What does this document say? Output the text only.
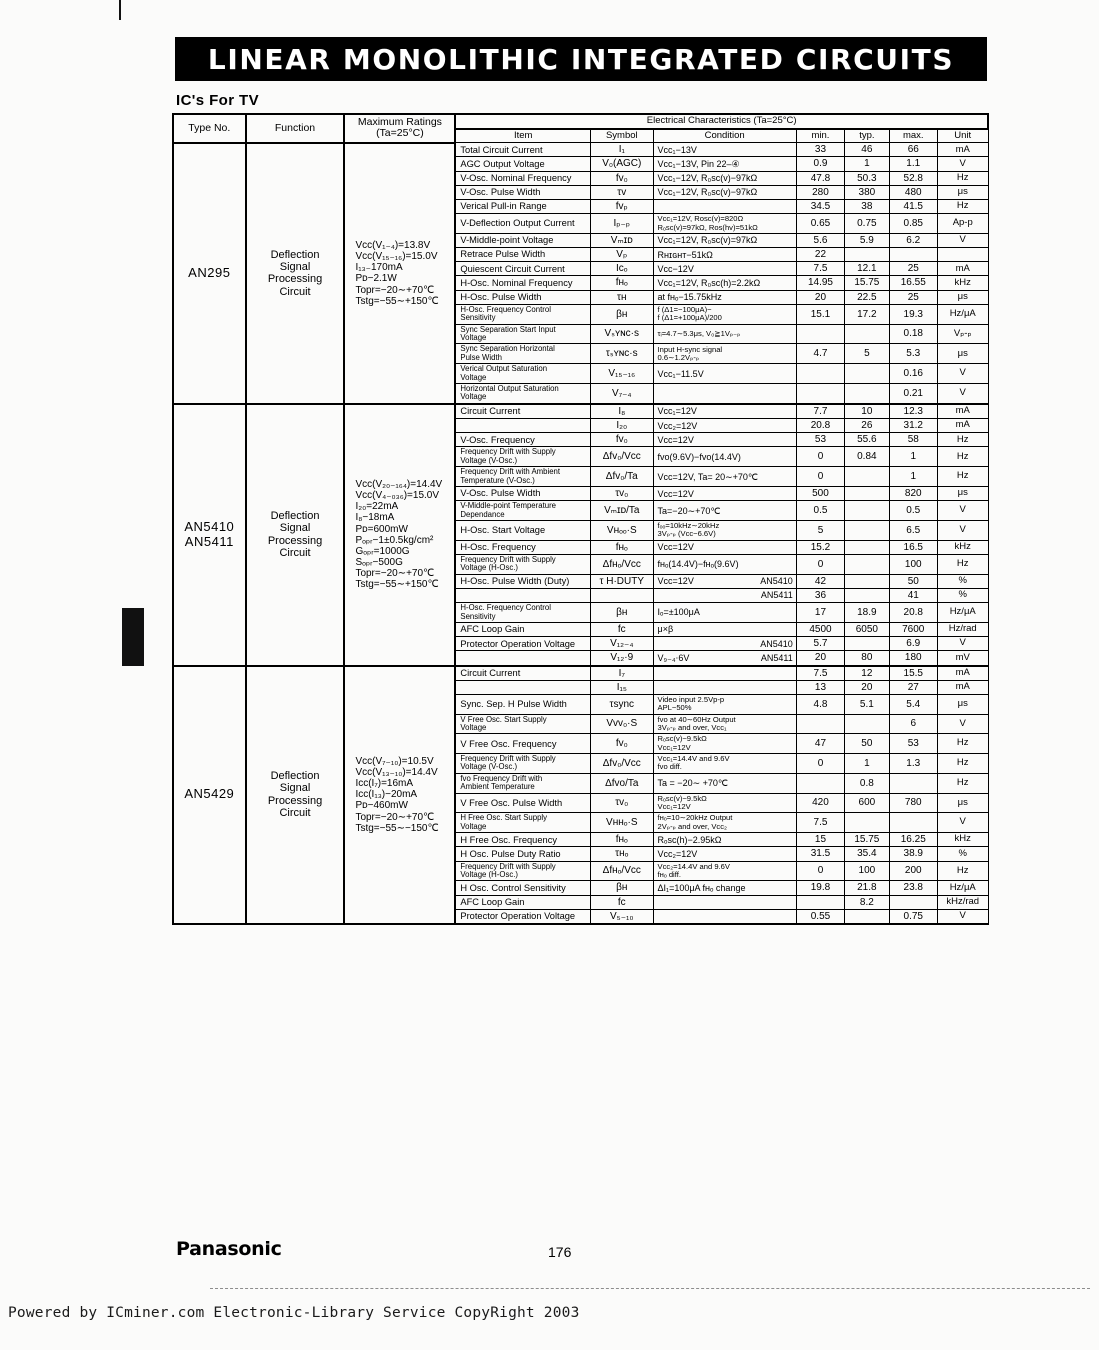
LINEAR MONOLITHIC INTEGRATED CIRCUITS
IC's For TV
Type No.	Function	Maximum Ratings
(Ta=25°C)	Electrical Characteristics (Ta=25°C)						
			Item	Symbol	Condition	min.	typ.	max.	Unit

AN295

Deflection
Signal
Processing
Circuit

Vᴄᴄ(V₁₋₄)=13.8V
Vᴄᴄ(V₁₅₋₁₆)=15.0V
I₁₃₋170mA
Pᴅ−2.1W
Topr=−20∼+70℃
Tstg=−55∼+150℃

Total Circuit Current	I₁	Vᴄᴄ₁−13V	33	46	66	mA

			AGC Output Voltage	V₀(AGC)	Vᴄᴄ₁−13V, Pin 22–④	0.9	1	1.1	V

			V-Osc. Nominal Frequency	fᴠ₀	Vᴄᴄ₁−12V, R₀sc(v)−97kΩ	47.8	50.3	52.8	Hz

			V-Osc. Pulse Width	τᴠ	Vᴄᴄ₁−12V, R₀sc(v)−97kΩ	280	380	480	μs

			Verical Pull-in Range	fᴠₚ		34.5	38	41.5	Hz

			V-Deflection Output Current	Iₚ₋ₚ	Vᴄᴄ₁=12V, Rᴏsc(v)=820Ω
Rₒsc(v)=97kΩ, Rᴏs(hv)=51kΩ	0.65	0.75	0.85	Ap-p

			V-Middle-point Voltage	Vₘɪᴅ	Vᴄᴄ₁=12V, R₀sc(v)=97kΩ	5.6	5.9	6.2	V

			Retrace Pulse Width	Vₚ	Rʜɪɢʜᴛ−51kΩ	22			

			Quiescent Circuit Current	Iᴄₒ	Vᴄᴄ−12V	7.5	12.1	25	mA

			H-Osc. Nominal Frequency	fʜₒ	Vᴄᴄ₁=12V, R₀sc(h)=2.2kΩ	14.95	15.75	16.55	kHz

			H-Osc. Pulse Width	τʜ	at fʜₒ−15.75kHz	20	22.5	25	μs

H-Osc. Frequency Control
Sensitivity	βʜ	f (Δ1=−100μA)−
f (Δ1=+100μA)/200	15.1	17.2	19.3	Hz/μA

			Sync Separation Start Input
Voltage	Vₛʏɴc·s	τᵢ=4.7∼5.3μs, V₀≧1Vₚ₋ₚ			0.18	Vₚ-ₚ

Sync Separation Horizontal
Pulse Width	τₛʏɴc·s	Input H-sync signal
0.6∼1.2Vₚ-ₚ	4.7	5	5.3	μs

			Verical Output Saturation
Voltage	V₁₅₋₁₆	Vᴄᴄ₁−11.5V			0.16	V

			Horizontal Output Saturation
Voltage	V₇₋₄				0.21	V

AN5410
AN5411

Deflection
Signal
Processing
Circuit

Vᴄᴄ(V₂₀₋₁₆₄)=14.4V
Vᴄᴄ(V₄₋₀₃₆)=15.0V
I₂₀=22mA
I₈−18mA
Pᴅ=600mW
Pₒₚᵣ−1±0.5kg/cm²
Gₒₚᵣ=1000G
Sₒₚᵣ−500G
Topr=−20∼+70℃
Tstg=−55∼+150℃

Circuit Current	I₈	Vᴄᴄ₁=12V	7.7	10	12.3	mA

				I₂₀	Vᴄᴄ₂=12V	20.8	26	31.2	mA

			V-Osc. Frequency	fᴠ₀	Vᴄᴄ=12V	53	55.6	58	Hz

			Frequency Drift with Supply
Voltage (V-Osc.)	Δfᴠ₀/Vᴄᴄ	fvo(9.6V)−fvo(14.4V)	0	0.84	1	Hz

			Frequency Drift with Ambient
Temperature (V-Osc.)	Δfᴠ₀/Ta	Vᴄᴄ=12V, Ta= 20∼+70℃	0		1	Hz

			V-Osc. Pulse Width	τᴠ₀	Vᴄᴄ=12V	500		820	μs

			V-Middle-point Temperature
Dependance	Vₘɪᴅ/Ta	Ta=−20∼+70℃	0.5		0.5	V

			H-Osc. Start Voltage	Vʜₒₒ·S	fₒₒ=10kHz∼20kHz
3Vₚ-ₚ (Vᴄᴄ−6.6V)	5		6.5	V

			H-Osc. Frequency	fʜₒ	Vᴄᴄ=12V	15.2		16.5	kHz

			Frequency Drift with Supply
Voltage (H-Osc.)	Δfʜₒ/Vᴄᴄ	fʜₒ(14.4V)−fʜₒ(9.6V)	0		100	Hz

			H-Osc. Pulse Width (Duty)	τ H·DUTY	Vᴄᴄ=12V AN5410	42		50	%

					AN5411	36		41	%

			H-Osc. Frequency Control
Sensitivity	βʜ	Iₒ=±100μA	17	18.9	20.8	Hz/μA

			AFC Loop Gain	fᴄ	μ×β	4500	6050	7600	Hz/rad

			Protector Operation Voltage	V₁₂₋₄	AN5410	5.7		6.9	V

				V₁₂·9	V₉₋₄⋅6V AN5411	20	80	180	mV

AN5429

Deflection
Signal
Processing
Circuit

Vᴄᴄ(V₇₋₁₀)=10.5V
Vᴄᴄ(V₁₃₋₁₀)=14.4V
Iᴄᴄ(I₇)=16mA
Iᴄᴄ(I₁₃)−20mA
Pᴅ−460mW
Topr=−20∼+70℃
Tstg=−55∼−150℃

Circuit Current	I₇		7.5	12	15.5	mA

				I₁₅		13	20	27	mA

			Sync. Sep. H Pulse Width	τsync	Video input 2.5Vp-p
APL−50%	4.8	5.1	5.4	μs

V Free Osc. Start Supply
Voltage	Vᴠᴠ₀·S	fvo at 40∼60Hz Output
3Vₚ-ₚ and over, Vᴄᴄ₁			6	V

			V Free Osc. Frequency	fᴠ₀	Rₒsc(v)−9.5kΩ
Vᴄᴄ₁=12V	47	50	53	Hz

Frequency Drift with Supply
Voltage (V-Osc.)	Δfᴠ₀/Vᴄᴄ	Vᴄᴄ₁=14.4V and 9.6V
fvo diff.	0	1	1.3	Hz

			fvo Frequency Drift with
Ambient Temperature	Δfvo/Ta	Ta = −20∼ +70℃		0.8		Hz

			V Free Osc. Pulse Width	τᴠ₀	Rₒsc(v)−9.5kΩ
Vᴄᴄ₁=12V	420	600	780	μs

H Free Osc. Start Supply
Voltage	Vʜʜₒ·S	fʜₒ=10∼20kHz Output
2Vₚ-ₚ and over, Vᴄᴄ₂	7.5			V

			H Free Osc. Frequency	fʜₒ	Rₒsc(h)−2.95kΩ	15	15.75	16.25	kHz

			H Osc. Pulse Duty Ratio	τʜₒ	Vᴄᴄ₂=12V	31.5	35.4	38.9	%

Frequency Drift with Supply
Voltage (H-Osc.)	Δfʜₒ/Vᴄᴄ	Vᴄᴄ₂=14.4V and 9.6V
fʜₒ diff.	0	100	200	Hz

			H Osc. Control Sensitivity	βʜ	ΔI₁=100μA fʜₒ change	19.8	21.8	23.8	Hz/μA

			AFC Loop Gain	fᴄ			8.2		kHz/rad

			Protector Operation Voltage	V₅₋₁₀		0.55		0.75	V
Panasonic	176
Powered by ICminer.com Electronic-Library Service CopyRight 2003
